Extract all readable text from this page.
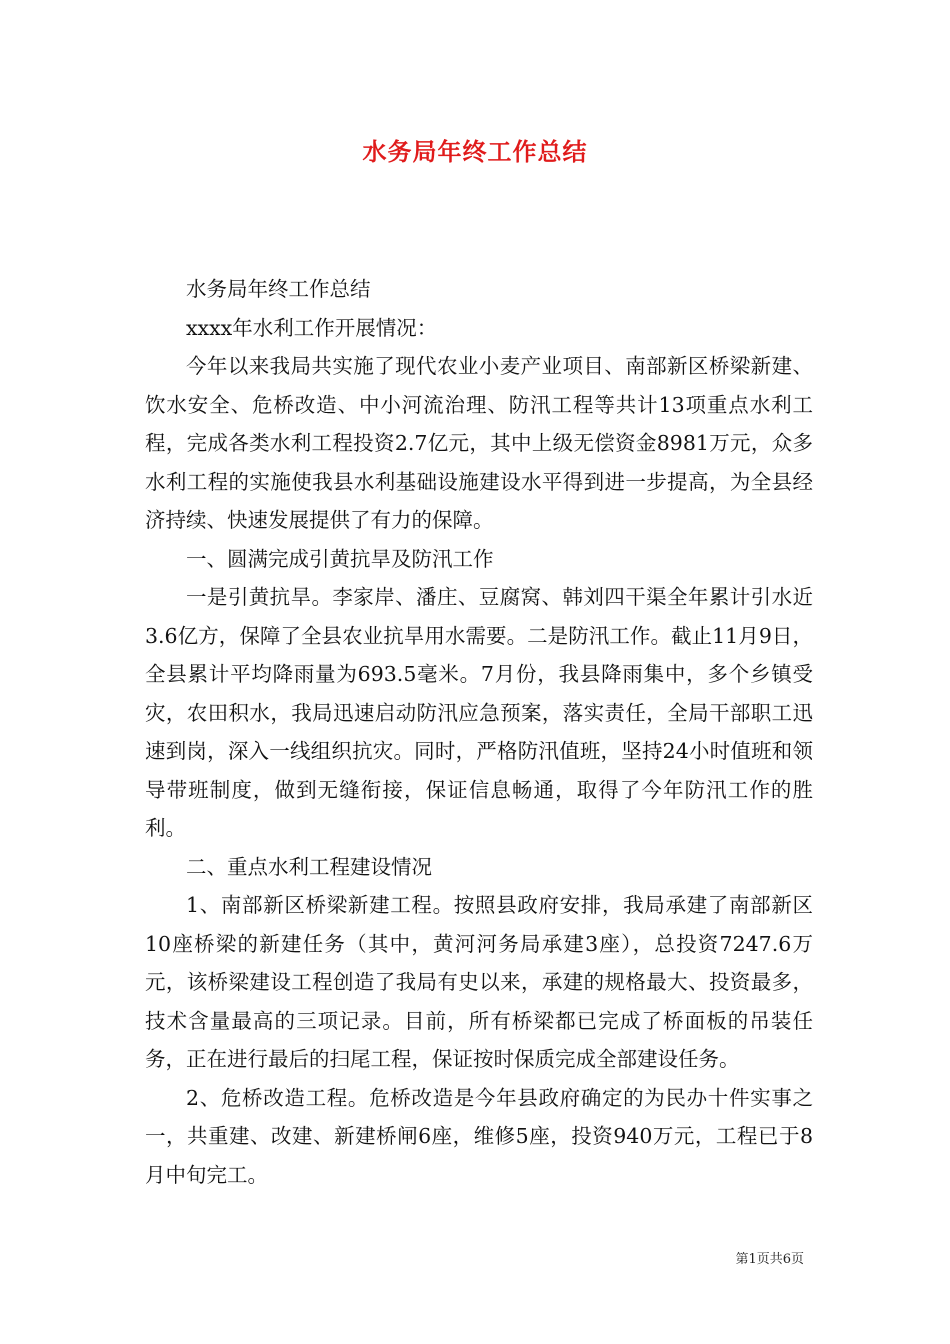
水务局年终工作总结

水务局年终工作总结

xxxx年水利工作开展情况：

今年以来我局共实施了现代农业小麦产业项目、南部新区桥梁新建、饮水安全、危桥改造、中小河流治理、防汛工程等共计13项重点水利工程，完成各类水利工程投资2.7亿元，其中上级无偿资金8981万元，众多水利工程的实施使我县水利基础设施建设水平得到进一步提高，为全县经济持续、快速发展提供了有力的保障。

一、圆满完成引黄抗旱及防汛工作

一是引黄抗旱。李家岸、潘庄、豆腐窝、韩刘四干渠全年累计引水近3.6亿方，保障了全县农业抗旱用水需要。二是防汛工作。截止11月9日，全县累计平均降雨量为693.5毫米。7月份，我县降雨集中，多个乡镇受灾，农田积水，我局迅速启动防汛应急预案，落实责任，全局干部职工迅速到岗，深入一线组织抗灾。同时，严格防汛值班，坚持24小时值班和领导带班制度，做到无缝衔接，保证信息畅通，取得了今年防汛工作的胜利。

二、重点水利工程建设情况

1、南部新区桥梁新建工程。按照县政府安排，我局承建了南部新区10座桥梁的新建任务（其中，黄河河务局承建3座），总投资7247.6万元，该桥梁建设工程创造了我局有史以来，承建的规格最大、投资最多，技术含量最高的三项记录。目前，所有桥梁都已完成了桥面板的吊装任务，正在进行最后的扫尾工程，保证按时保质完成全部建设任务。

2、危桥改造工程。危桥改造是今年县政府确定的为民办十件实事之一，共重建、改建、新建桥闸6座，维修5座，投资940万元，工程已于8月中旬完工。

第1页共6页
